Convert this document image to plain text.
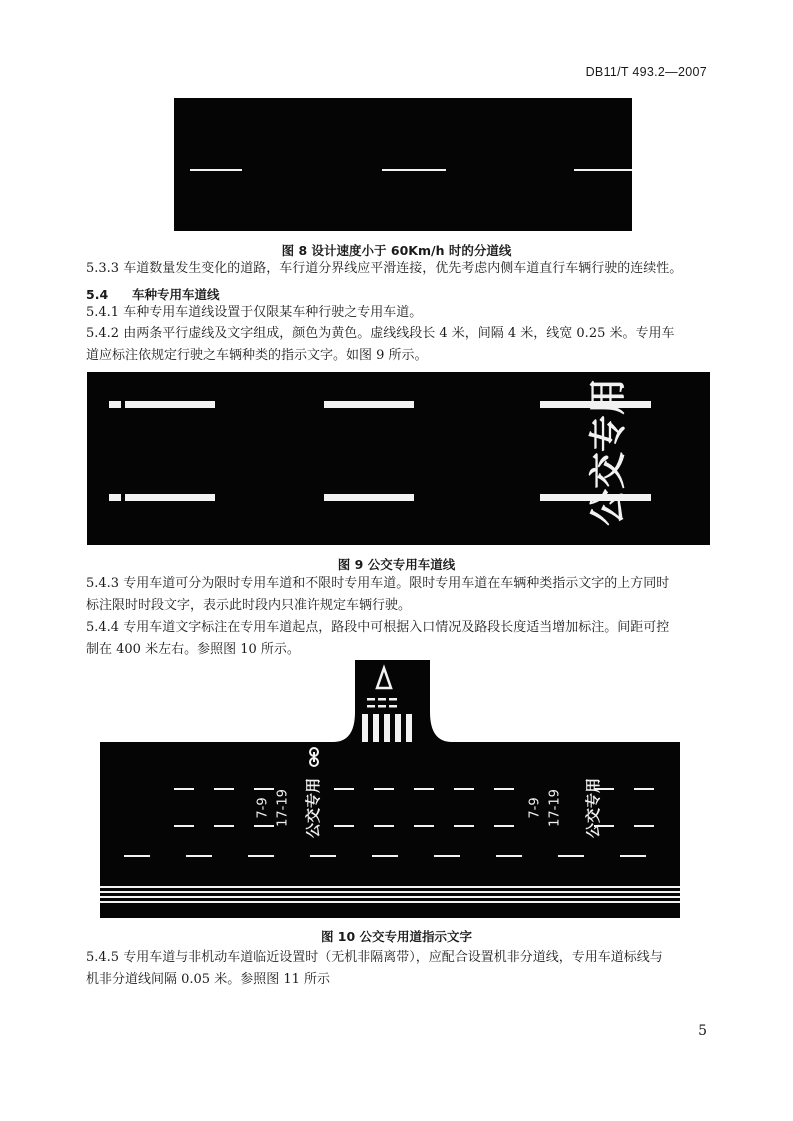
DB11/T 493.2—2007
图 8 设计速度小于 60Km/h 时的分道线
5.3.3 车道数量发生变化的道路，车行道分界线应平滑连接，优先考虑内侧车道直行车辆行驶的连续性。
5.4 车种专用车道线
5.4.1 车种专用车道线设置于仅限某车种行驶之专用车道。
5.4.2 由两条平行虚线及文字组成，颜色为黄色。虚线线段长 4 米，间隔 4 米，线宽 0.25 米。专用车
道应标注依规定行驶之车辆种类的指示文字。如图 9 所示。
公交专用
图 9 公交专用车道线
5.4.3 专用车道可分为限时专用车道和不限时专用车道。限时专用车道在车辆种类指示文字的上方同时
标注限时时段文字，表示此时段内只准许规定车辆行驶。
5.4.4 专用车道文字标注在专用车道起点，路段中可根据入口情况及路段长度适当增加标注。间距可控
制在 400 米左右。参照图 10 所示。
7-9 17-19 公交专用	7-9 17-19 公交专用
图 10 公交专用道指示文字
5.4.5 专用车道与非机动车道临近设置时（无机非隔离带），应配合设置机非分道线，专用车道标线与
机非分道线间隔 0.05 米。参照图 11 所示
5
